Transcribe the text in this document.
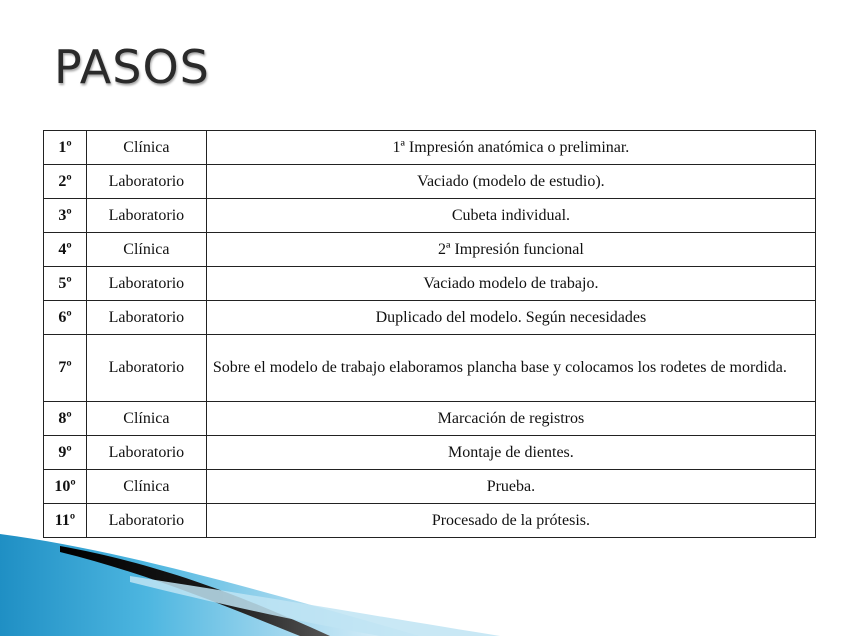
PASOS
1º	Clínica	1ª Impresión anatómica o preliminar.
2º	Laboratorio	Vaciado (modelo de estudio).
3º	Laboratorio	Cubeta individual.
4º	Clínica	2ª Impresión funcional
5º	Laboratorio	Vaciado modelo de trabajo.
6º	Laboratorio	Duplicado del modelo. Según necesidades
7º	Laboratorio	Sobre el modelo de trabajo elaboramos plancha base y colocamos los rodetes de mordida.
8º	Clínica	Marcación de registros
9º	Laboratorio	Montaje de dientes.
10º	Clínica	Prueba.
11º	Laboratorio	Procesado de la prótesis.
